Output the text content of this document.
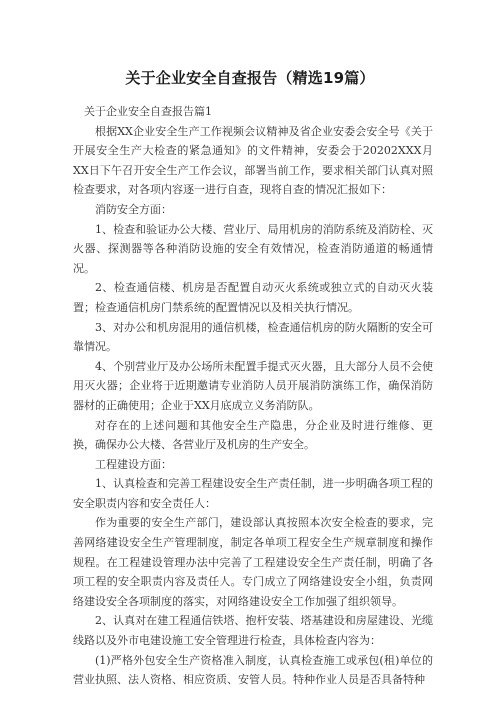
关于企业安全自查报告（精选19篇）

关于企业安全自查报告篇1

根据XX企业安全生产工作视频会议精神及省企业安委会安全号《关于开展安全生产大检查的紧急通知》的文件精神，安委会于20202XXX月XX日下午召开安全生产工作会议，部署当前工作，要求相关部门认真对照检查要求，对各项内容逐一进行自查，现将自查的情况汇报如下：

消防安全方面：

1、检查和验证办公大楼、营业厅、局用机房的消防系统及消防栓、灭火器、探测器等各种消防设施的安全有效情况，检查消防通道的畅通情况。

2、检查通信楼、机房是否配置自动灭火系统或独立式的自动灭火装置；检查通信机房门禁系统的配置情况以及相关执行情况。

3、对办公和机房混用的通信机楼，检查通信机房的防火隔断的安全可靠情况。

4、个别营业厅及办公场所未配置手提式灭火器，且大部分人员不会使用灭火器；企业将于近期邀请专业消防人员开展消防演练工作，确保消防器材的正确使用；企业于XX月底成立义务消防队。

对存在的上述问题和其他安全生产隐患，分企业及时进行维修、更换，确保办公大楼、各营业厅及机房的生产安全。

工程建设方面：

1、认真检查和完善工程建设安全生产责任制，进一步明确各项工程的安全职责内容和安全责任人：

作为重要的安全生产部门，建设部认真按照本次安全检查的要求，完善网络建设安全生产管理制度，制定各单项工程安全生产规章制度和操作规程。在工程建设管理办法中完善了工程建设安全生产责任制，明确了各项工程的安全职责内容及责任人。专门成立了网络建设安全小组，负责网络建设安全各项制度的落实，对网络建设安全工作加强了组织领导。

2、认真对在建工程通信铁塔、抱杆安装、塔基建设和房屋建设、光缆线路以及外市电建设施工安全管理进行检查，具体检查内容为：

(1)严格外包安全生产资格准入制度，认真检查施工或承包(租)单位的营业执照、法人资格、相应资质、安管人员。特种作业人员是否具备特种
